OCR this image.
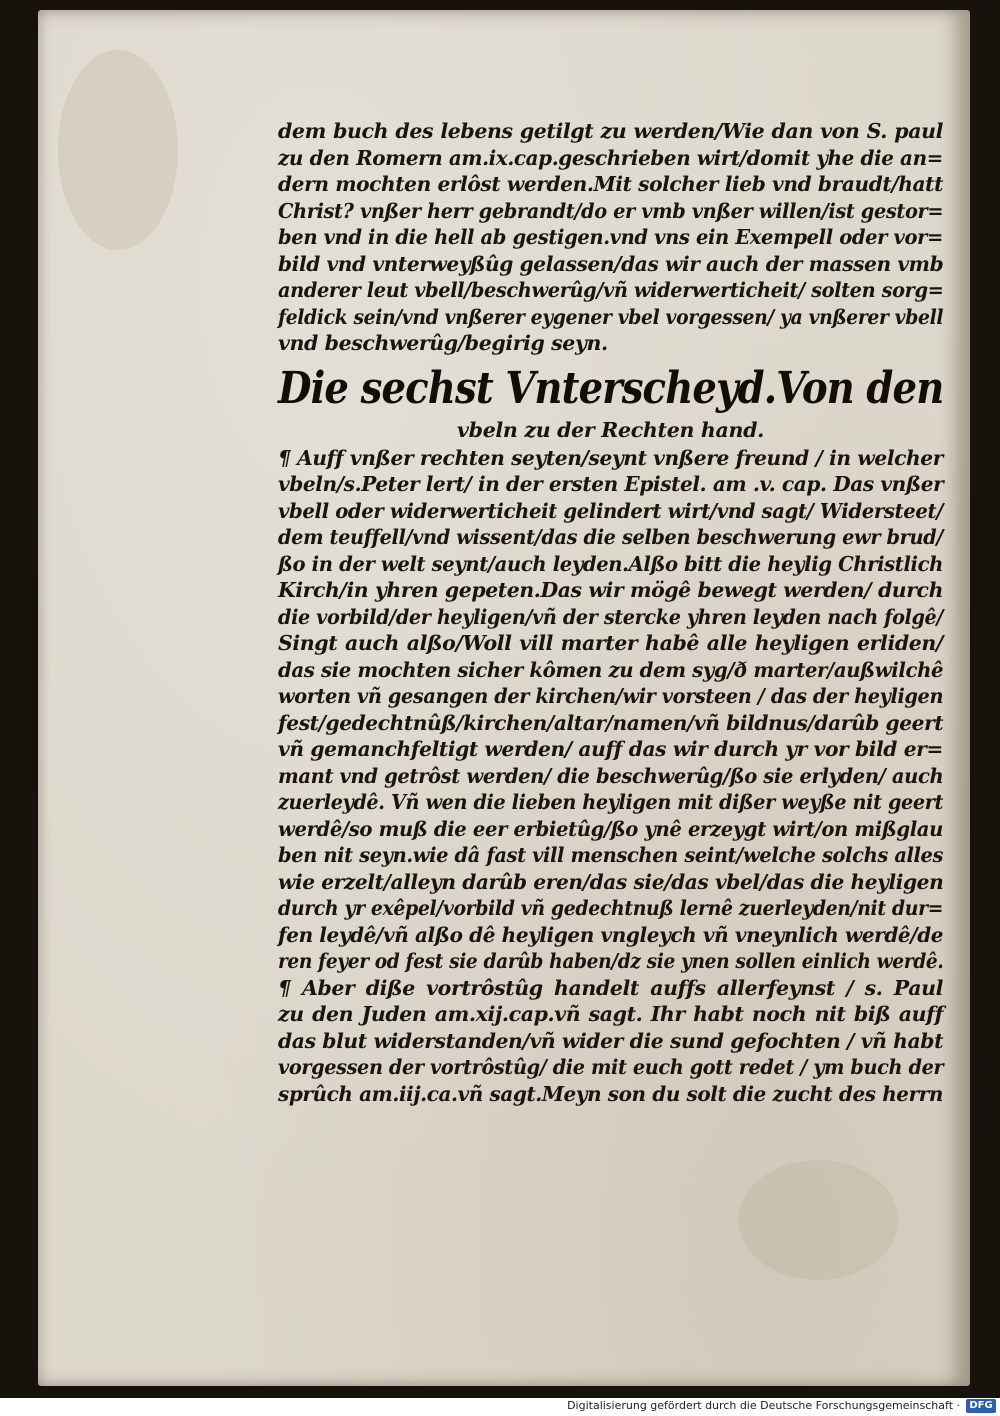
dem buch des lebens getilgt zu werden/Wie dan von S. paul
zu den Romern am.ix.cap.geschrieben wirt/domit yhe die an=
dern mochten erlôst werden.Mit solcher lieb vnd braudt/hatt
Christ? vnßer herr gebrandt/do er vmb vnßer willen/ist gestor=
ben vnd in die hell ab gestigen.vnd vns ein Exempell oder vor=
bild vnd vnterweyßûg gelassen/das wir auch der massen vmb
anderer leut vbell/beschwerûg/vñ widerwerticheit/ solten sorg=
feldick sein/vnd vnßerer eygener vbel vorgessen/ ya vnßerer vbell
vnd beschwerûg/begirig seyn.
Die sechst Vnterscheyd.Von den
vbeln zu der Rechten hand.
¶ Auff vnßer rechten seyten/seynt vnßere freund / in welcher
vbeln/s.Peter lert/ in der ersten Epistel. am .v. cap. Das vnßer
vbell oder widerwerticheit gelindert wirt/vnd sagt/ Widersteet/
dem teuffell/vnd wissent/das die selben beschwerung ewr brud/
ßo in der welt seynt/auch leyden.Alßo bitt die heylig Christlich
Kirch/in yhren gepeten.Das wir mögê bewegt werden/ durch
die vorbild/der heyligen/vñ der stercke yhren leyden nach folgê/
Singt auch alßo/Woll vill marter habê alle heyligen erliden/
das sie mochten sicher kômen zu dem syg/ð marter/außwilchê
worten vñ gesangen der kirchen/wir vorsteen / das der heyligen
fest/gedechtnûß/kirchen/altar/namen/vñ bildnus/darûb geert
vñ gemanchfeltigt werden/ auff das wir durch yr vor bild er=
mant vnd getrôst werden/ die beschwerûg/ßo sie erlyden/ auch
zuerleydê. Vñ wen die lieben heyligen mit dißer weyße nit geert
werdê/so muß die eer erbietûg/ßo ynê erzeygt wirt/on mißglau
ben nit seyn.wie dâ fast vill menschen seint/welche solchs alles
wie erzelt/alleyn darûb eren/das sie/das vbel/das die heyligen
durch yr exêpel/vorbild vñ gedechtnuß lernê zuerleyden/nit dur=
fen leydê/vñ alßo dê heyligen vngleych vñ vneynlich werdê/de
ren feyer od fest sie darûb haben/dz sie ynen sollen einlich werdê.
¶ Aber diße vortrôstûg handelt auffs allerfeynst / s. Paul
zu den Juden am.xij.cap.vñ sagt. Ihr habt noch nit biß auff
das blut widerstanden/vñ wider die sund gefochten / vñ habt
vorgessen der vortrôstûg/ die mit euch gott redet / ym buch der
sprûch am.iij.ca.vñ sagt.Meyn son du solt die zucht des herrn
Digitalisierung gefördert durch die Deutsche Forschungsgemeinschaft · DFG
